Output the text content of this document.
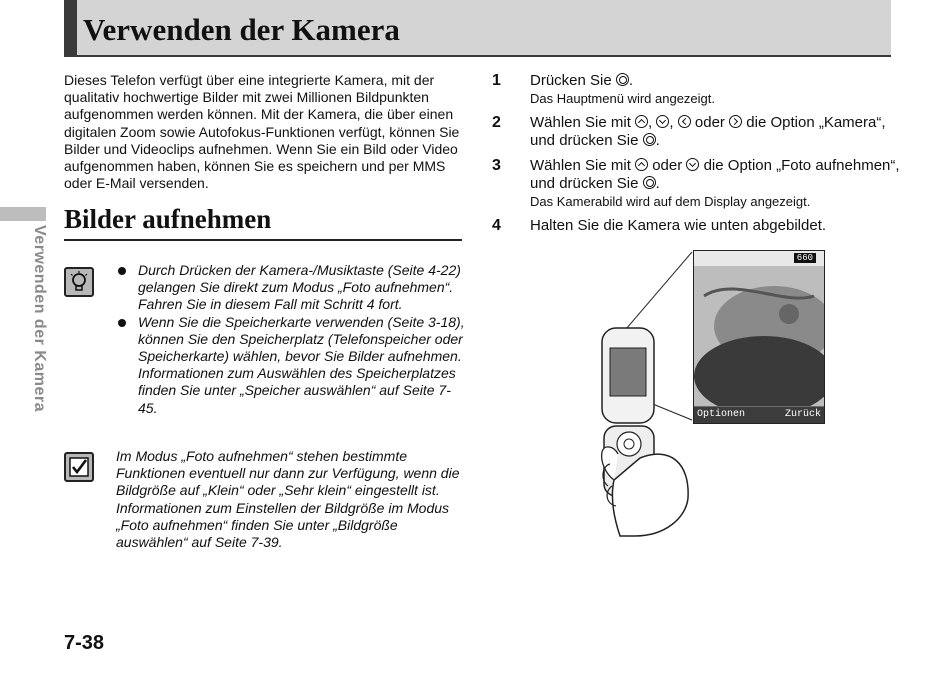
Verwenden der Kamera
Verwenden der Kamera

Dieses Telefon verfügt über eine integrierte Kamera, mit der qualitativ hochwertige Bilder mit zwei Millionen Bildpunkten aufgenommen werden können. Mit der Kamera, die über einen digitalen Zoom sowie Autofokus-Funktionen verfügt, können Sie Bilder und Videoclips aufnehmen. Wenn Sie ein Bild oder Video aufgenommen haben, können Sie es speichern und per MMS oder E-Mail versenden.

Bilder aufnehmen
Durch Drücken der Kamera-/Musiktaste (Seite 4-22) gelangen Sie direkt zum Modus „Foto aufnehmen“. Fahren Sie in diesem Fall mit Schritt 4 fort.
Wenn Sie die Speicherkarte verwenden (Seite 3-18), können Sie den Speicherplatz (Telefonspeicher oder Speicherkarte) wählen, bevor Sie Bilder aufnehmen. Informationen zum Auswählen des Speicherplatzes finden Sie unter „Speicher auswählen“ auf Seite 7-45.
Im Modus „Foto aufnehmen“ stehen bestimmte Funktionen eventuell nur dann zur Verfügung, wenn die Bildgröße auf „Klein“ oder „Sehr klein“ eingestellt ist. Informationen zum Einstellen der Bildgröße im Modus „Foto aufnehmen“ finden Sie unter „Bildgröße auswählen“ auf Seite 7-39.
1 Drücken Sie .
Das Hauptmenü wird angezeigt.
2 Wählen Sie mit , , oder die Option „Kamera“, und drücken Sie .
3 Wählen Sie mit oder die Option „Foto aufnehmen“, und drücken Sie .
Das Kamerabild wird auf dem Display angezeigt.
4 Halten Sie die Kamera wie unten abgebildet.
660
Optionen	Zurück
7-38
